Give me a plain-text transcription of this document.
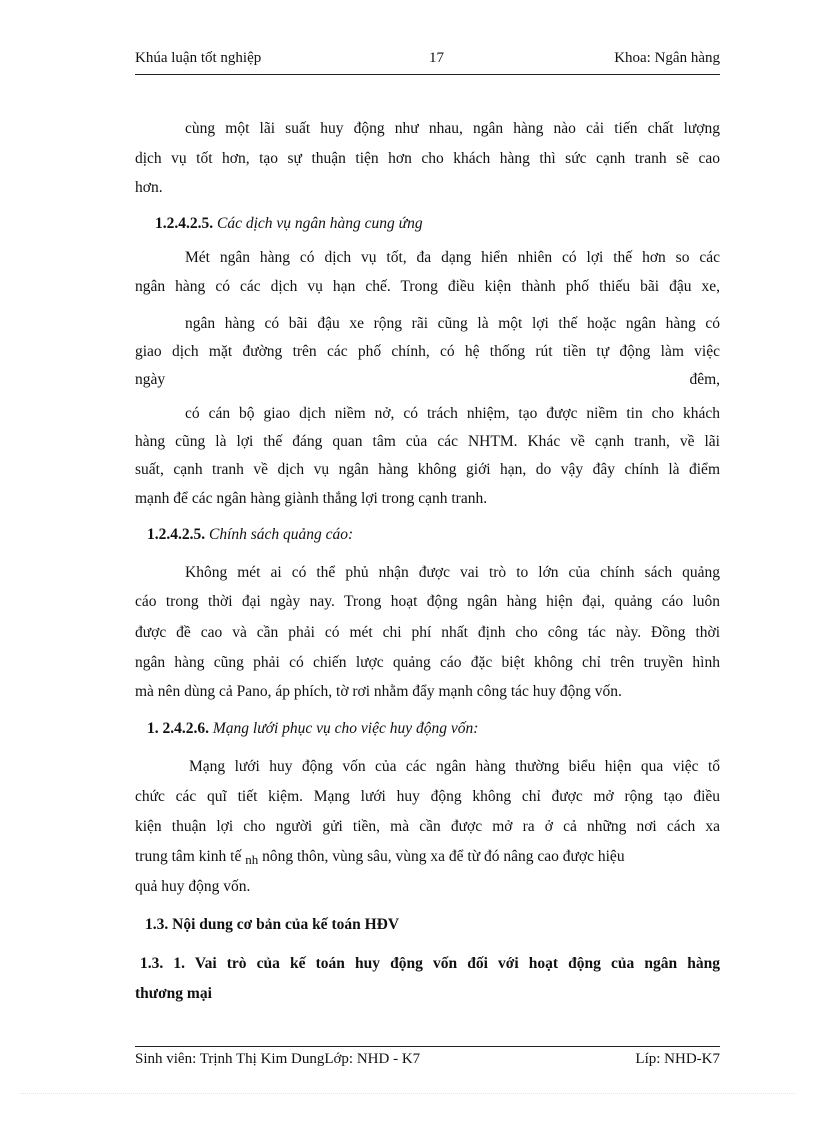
Khúa luận tốt nghiệp	17	Khoa: Ngân hàng
cùng một lãi suất huy động như nhau, ngân hàng nào cải tiến chất lượng
dịch vụ tốt hơn, tạo sự thuận tiện hơn cho khách hàng thì sức cạnh tranh sẽ cao
hơn.
1.2.4.2.5. Các dịch vụ ngân hàng cung ứng
Mét ngân hàng có dịch vụ tốt, đa dạng hiển nhiên có lợi thế hơn so các
ngân hàng có các dịch vụ hạn chế. Trong điều kiện thành phố thiếu bãi đậu xe,
ngân hàng có bãi đậu xe rộng rãi cũng là một lợi thế hoặc ngân hàng có
giao dịch mặt đường trên các phố chính, có hệ thống rút tiền tự động làm việc
ngày	đêm,
có cán bộ giao dịch niềm nở, có trách nhiệm, tạo được niềm tin cho khách
hàng cũng là lợi thế đáng quan tâm của các NHTM. Khác về cạnh tranh, về lãi
suất, cạnh tranh về dịch vụ ngân hàng không giới hạn, do vậy đây chính là điểm
mạnh để các ngân hàng giành thắng lợi trong cạnh tranh.
1.2.4.2.5. Chính sách quảng cáo:
Không mét ai có thể phủ nhận được vai trò to lớn của chính sách quảng
cáo trong thời đại ngày nay. Trong hoạt động ngân hàng hiện đại, quảng cáo luôn
được đề cao và cần phải có mét chi phí nhất định cho công tác này. Đồng thời
ngân hàng cũng phải có chiến lược quảng cáo đặc biệt không chỉ trên truyền hình
mà nên dùng cả Pano, áp phích, tờ rơi nhằm đẩy mạnh công tác huy động vốn.
1. 2.4.2.6. Mạng lưới phục vụ cho việc huy động vốn:
Mạng lưới huy động vốn của các ngân hàng thường biểu hiện qua việc tổ
chức các quĩ tiết kiệm. Mạng lưới huy động không chỉ được mở rộng tạo điều
kiện thuận lợi cho người gửi tiền, mà cần được mở ra ở cả những nơi cách xa
trung tâm kinh tế nh nông thôn, vùng sâu, vùng xa để từ đó nâng cao được hiệu
quả huy động vốn.
1.3. Nội dung cơ bản của kế toán HĐV
1.3. 1. Vai trò của kế toán huy động vốn đối với hoạt động của ngân hàng
thương mại
Sinh viên: Trịnh Thị Kim DungLớp: NHD - K7	Líp: NHD-K7
